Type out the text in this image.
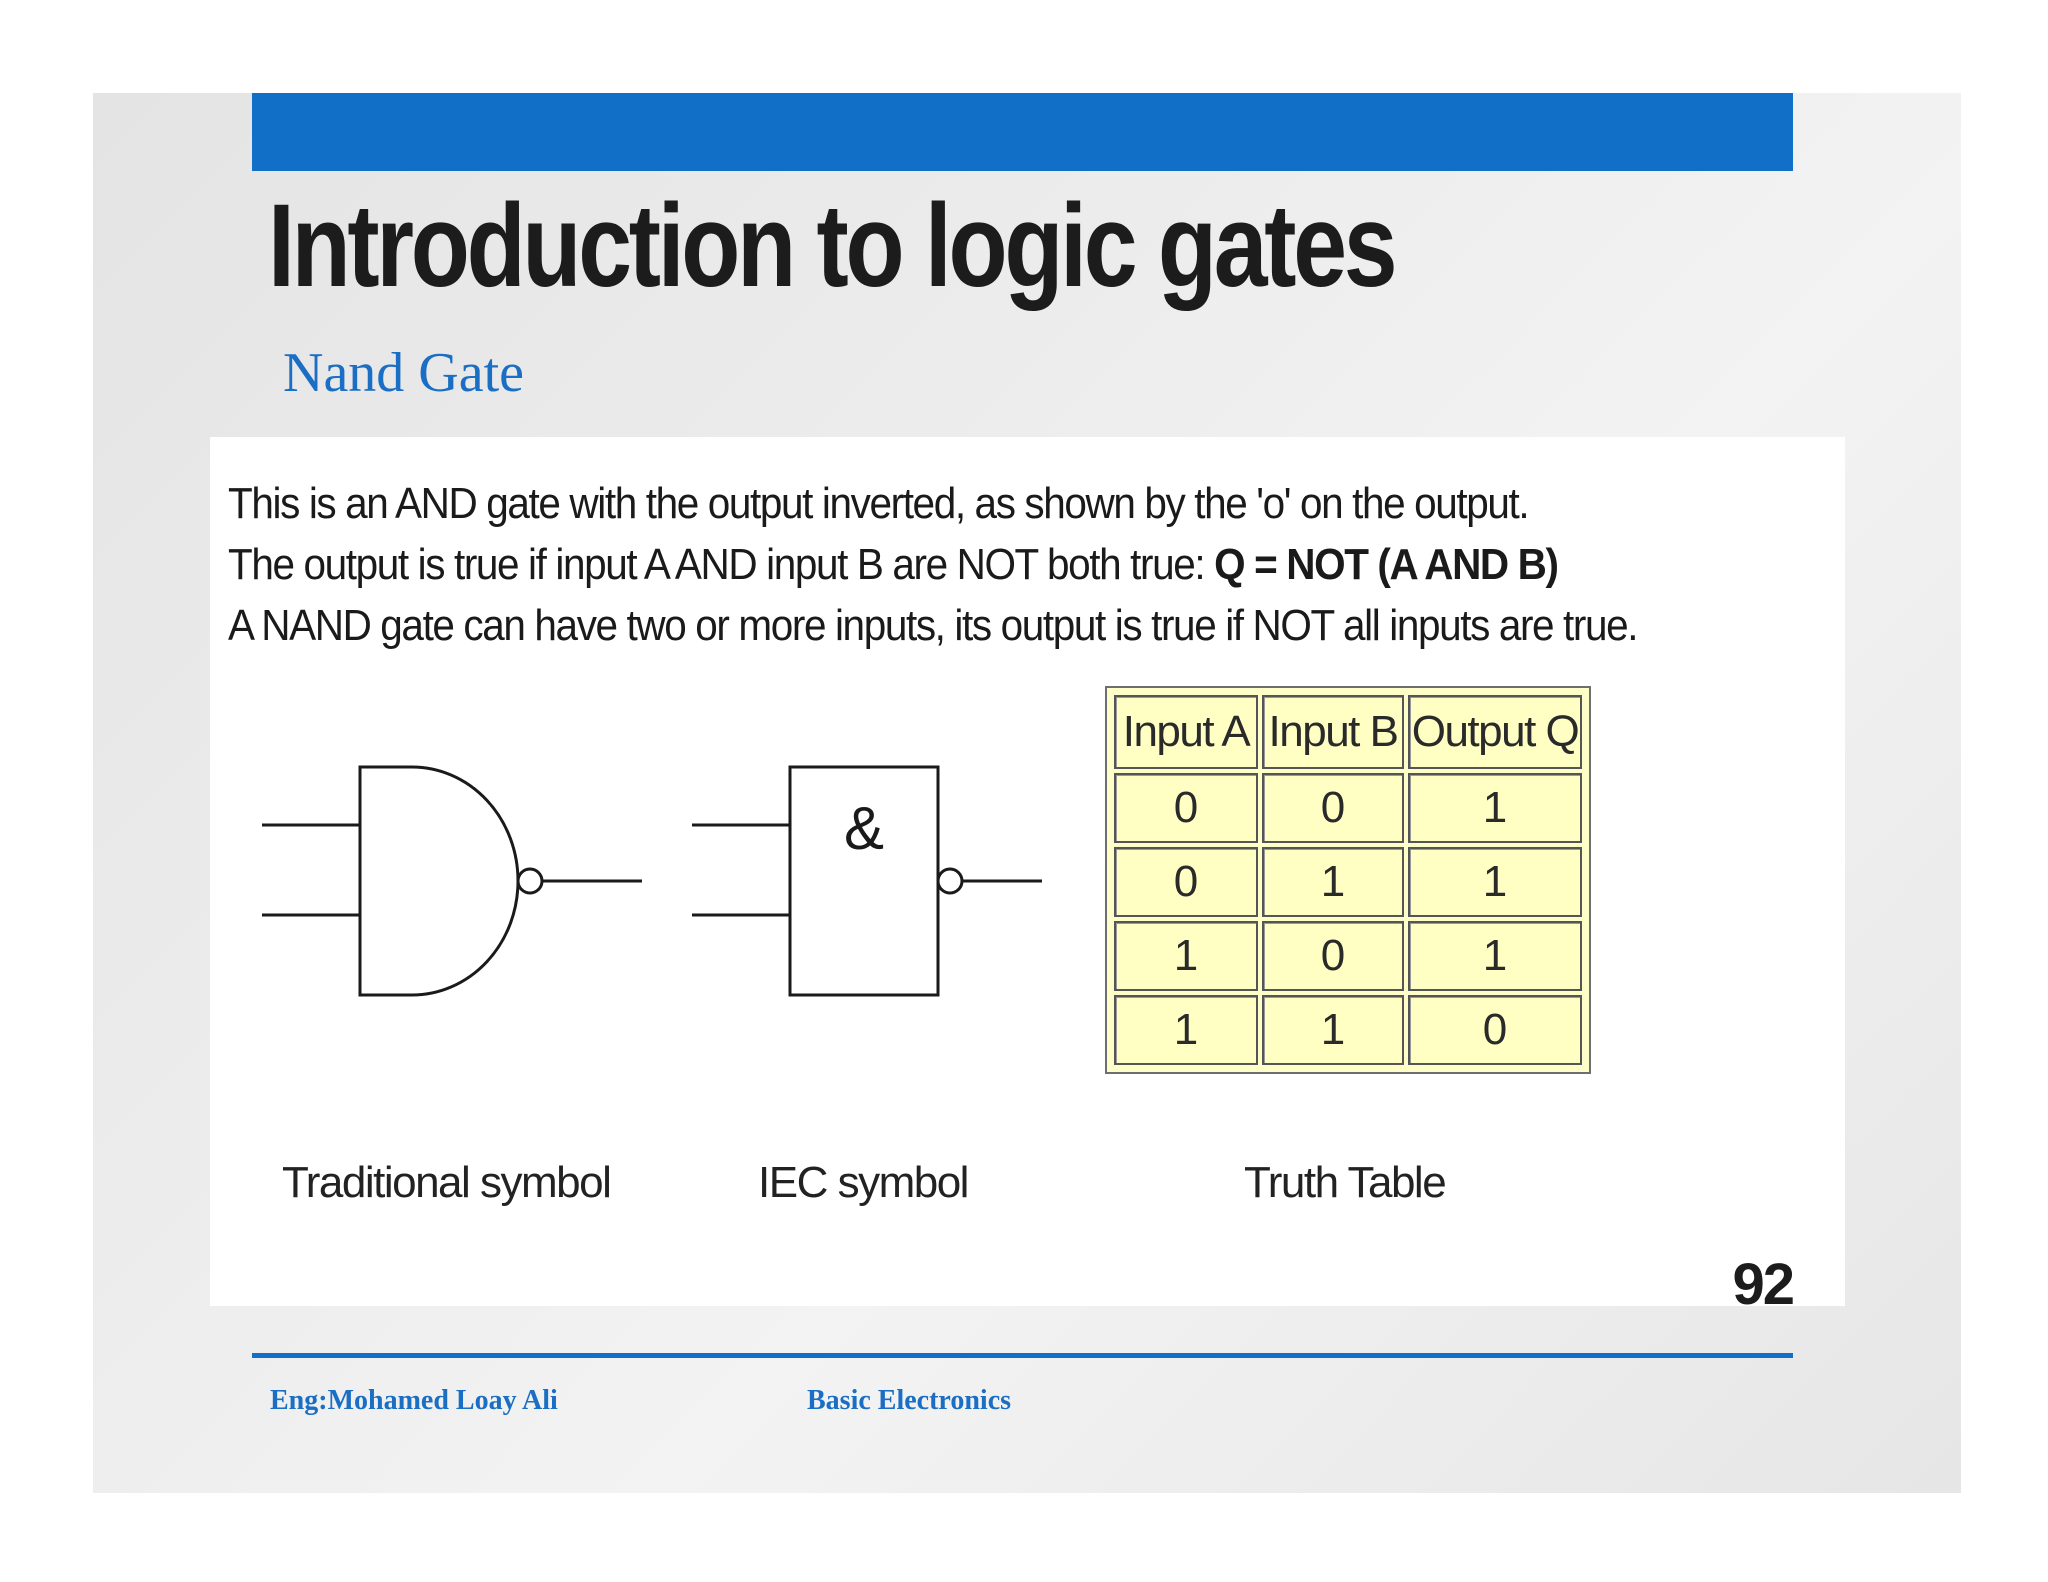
Introduction to logic gates
Nand Gate
This is an AND gate with the output inverted, as shown by the 'o' on the output.
The output is true if input A AND input B are NOT both true: Q = NOT (A AND B)
A NAND gate can have two or more inputs, its output is true if NOT all inputs are true.
&
Input A	Input B	Output Q
0	0	1
0	1	1
1	0	1
1	1	0
Traditional symbol	IEC symbol	Truth Table
92
Eng:Mohamed Loay Ali	Basic Electronics
